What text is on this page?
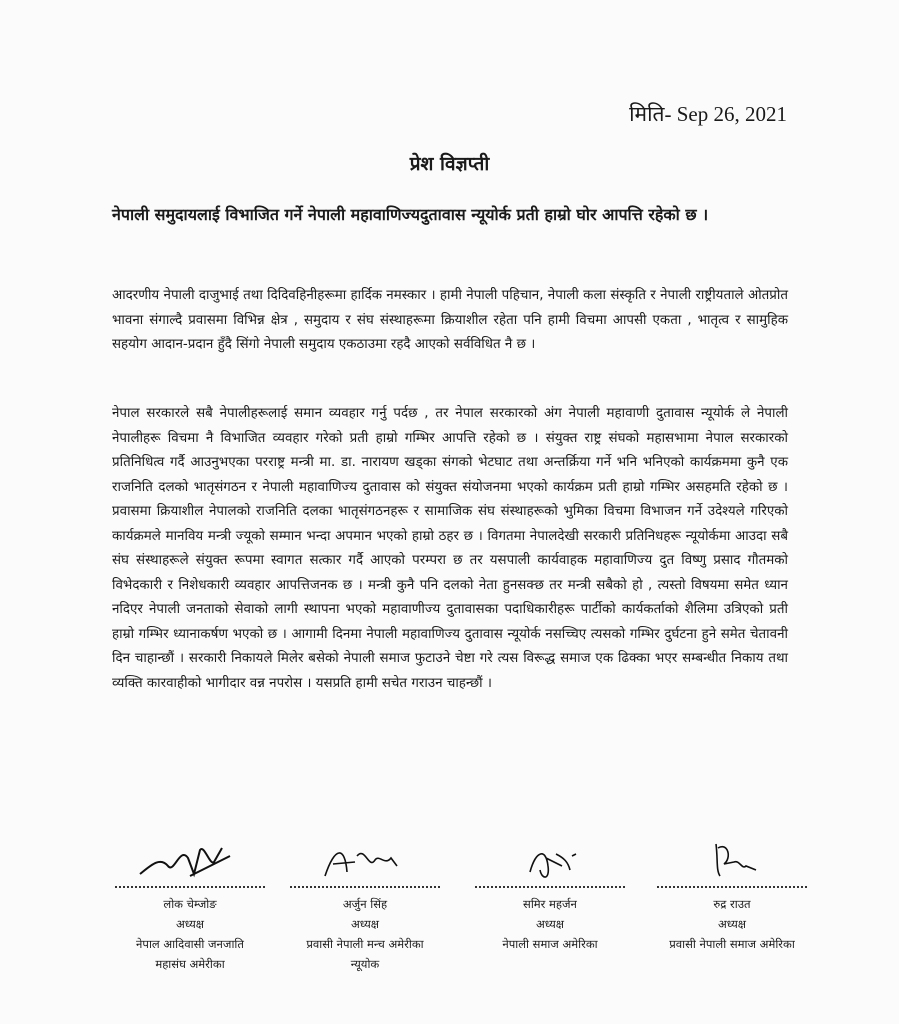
मिति- Sep 26, 2021
प्रेश विज्ञप्ती
नेपाली समुदायलाई विभाजित गर्ने नेपाली महावाणिज्यदुतावास न्यूयोर्क प्रती हाम्रो घोर आपत्ति रहेको छ ।

आदरणीय नेपाली दाजुभाई तथा दिदिवहिनीहरूमा हार्दिक नमस्कार । हामी नेपाली पहिचान, नेपाली कला संस्कृति र नेपाली राष्ट्रीयताले ओतप्रोत भावना संगाल्दै प्रवासमा विभिन्न क्षेत्र , समुदाय र संघ संस्थाहरूमा क्रियाशील रहेता पनि हामी विचमा आपसी एकता , भातृत्व र सामुहिक सहयोग आदान-प्रदान हुँदै सिंगो नेपाली समुदाय एकठाउमा रहदै आएको सर्वविधित नै छ ।

नेपाल सरकारले सबै नेपालीहरूलाई समान व्यवहार गर्नु पर्दछ , तर नेपाल सरकारको अंग नेपाली महावाणी दुतावास न्यूयोर्क ले नेपाली नेपालीहरू विचमा नै विभाजित व्यवहार गरेको प्रती हाम्रो गम्भिर आपत्ति रहेको छ । संयुक्त राष्ट्र संघको महासभामा नेपाल सरकारको प्रतिनिधित्व गर्दै आउनुभएका परराष्ट्र मन्त्री मा. डा. नारायण खड्का संगको भेटघाट तथा अन्तर्क्रिया गर्ने भनि भनिएको कार्यक्रममा कुनै एक राजनिति दलको भातृसंगठन र नेपाली महावाणिज्य दुतावास को संयुक्त संयोजनमा भएको कार्यक्रम प्रती हाम्रो गम्भिर असहमति रहेको छ । प्रवासमा क्रियाशील नेपालको राजनिति दलका भातृसंगठनहरू र सामाजिक संघ संस्थाहरूको भुमिका विचमा विभाजन गर्ने उदेश्यले गरिएको कार्यक्रमले मानविय मन्त्री ज्यूको सम्मान भन्दा अपमान भएको हाम्रो ठहर छ । विगतमा नेपालदेखी सरकारी प्रतिनिधहरू न्यूयोर्कमा आउदा सबै संघ संस्थाहरूले संयुक्त रूपमा स्वागत सत्कार गर्दै आएको परम्परा छ तर यसपाली कार्यवाहक महावाणिज्य दुत विष्णु प्रसाद गौतमको विभेदकारी र निशेधकारी व्यवहार आपत्तिजनक छ । मन्त्री कुनै पनि दलको नेता हुनसक्छ तर मन्त्री सबैको हो , त्यस्तो विषयमा समेत ध्यान नदिएर नेपाली जनताको सेवाको लागी स्थापना भएको महावाणीज्य दुतावासका पदाधिकारीहरू पार्टीको कार्यकर्ताको शैलिमा उत्रिएको प्रती हाम्रो गम्भिर ध्यानाकर्षण भएको छ । आगामी दिनमा नेपाली महावाणिज्य दुतावास न्यूयोर्क नसच्चिए त्यसको गम्भिर दुर्घटना हुने समेत चेतावनी दिन चाहान्छौं । सरकारी निकायले मिलेर बसेको नेपाली समाज फुटाउने चेष्टा गरे त्यस विरूद्ध समाज एक ढिक्का भएर सम्बन्धीत निकाय तथा व्यक्ति कारवाहीको भागीदार वन्न नपरोस । यसप्रति हामी सचेत गराउन चाहन्छौं ।

लोक चेम्जोङ
अध्यक्ष
नेपाल आदिवासी जनजाति
महासंघ अमेरीका
अर्जुन सिंह
अध्यक्ष
प्रवासी नेपाली मन्च अमेरीका
न्यूयोक
समिर महर्जन
अध्यक्ष
नेपाली समाज अमेरिका
रुद्र राउत
अध्यक्ष
प्रवासी नेपाली समाज अमेरिका
